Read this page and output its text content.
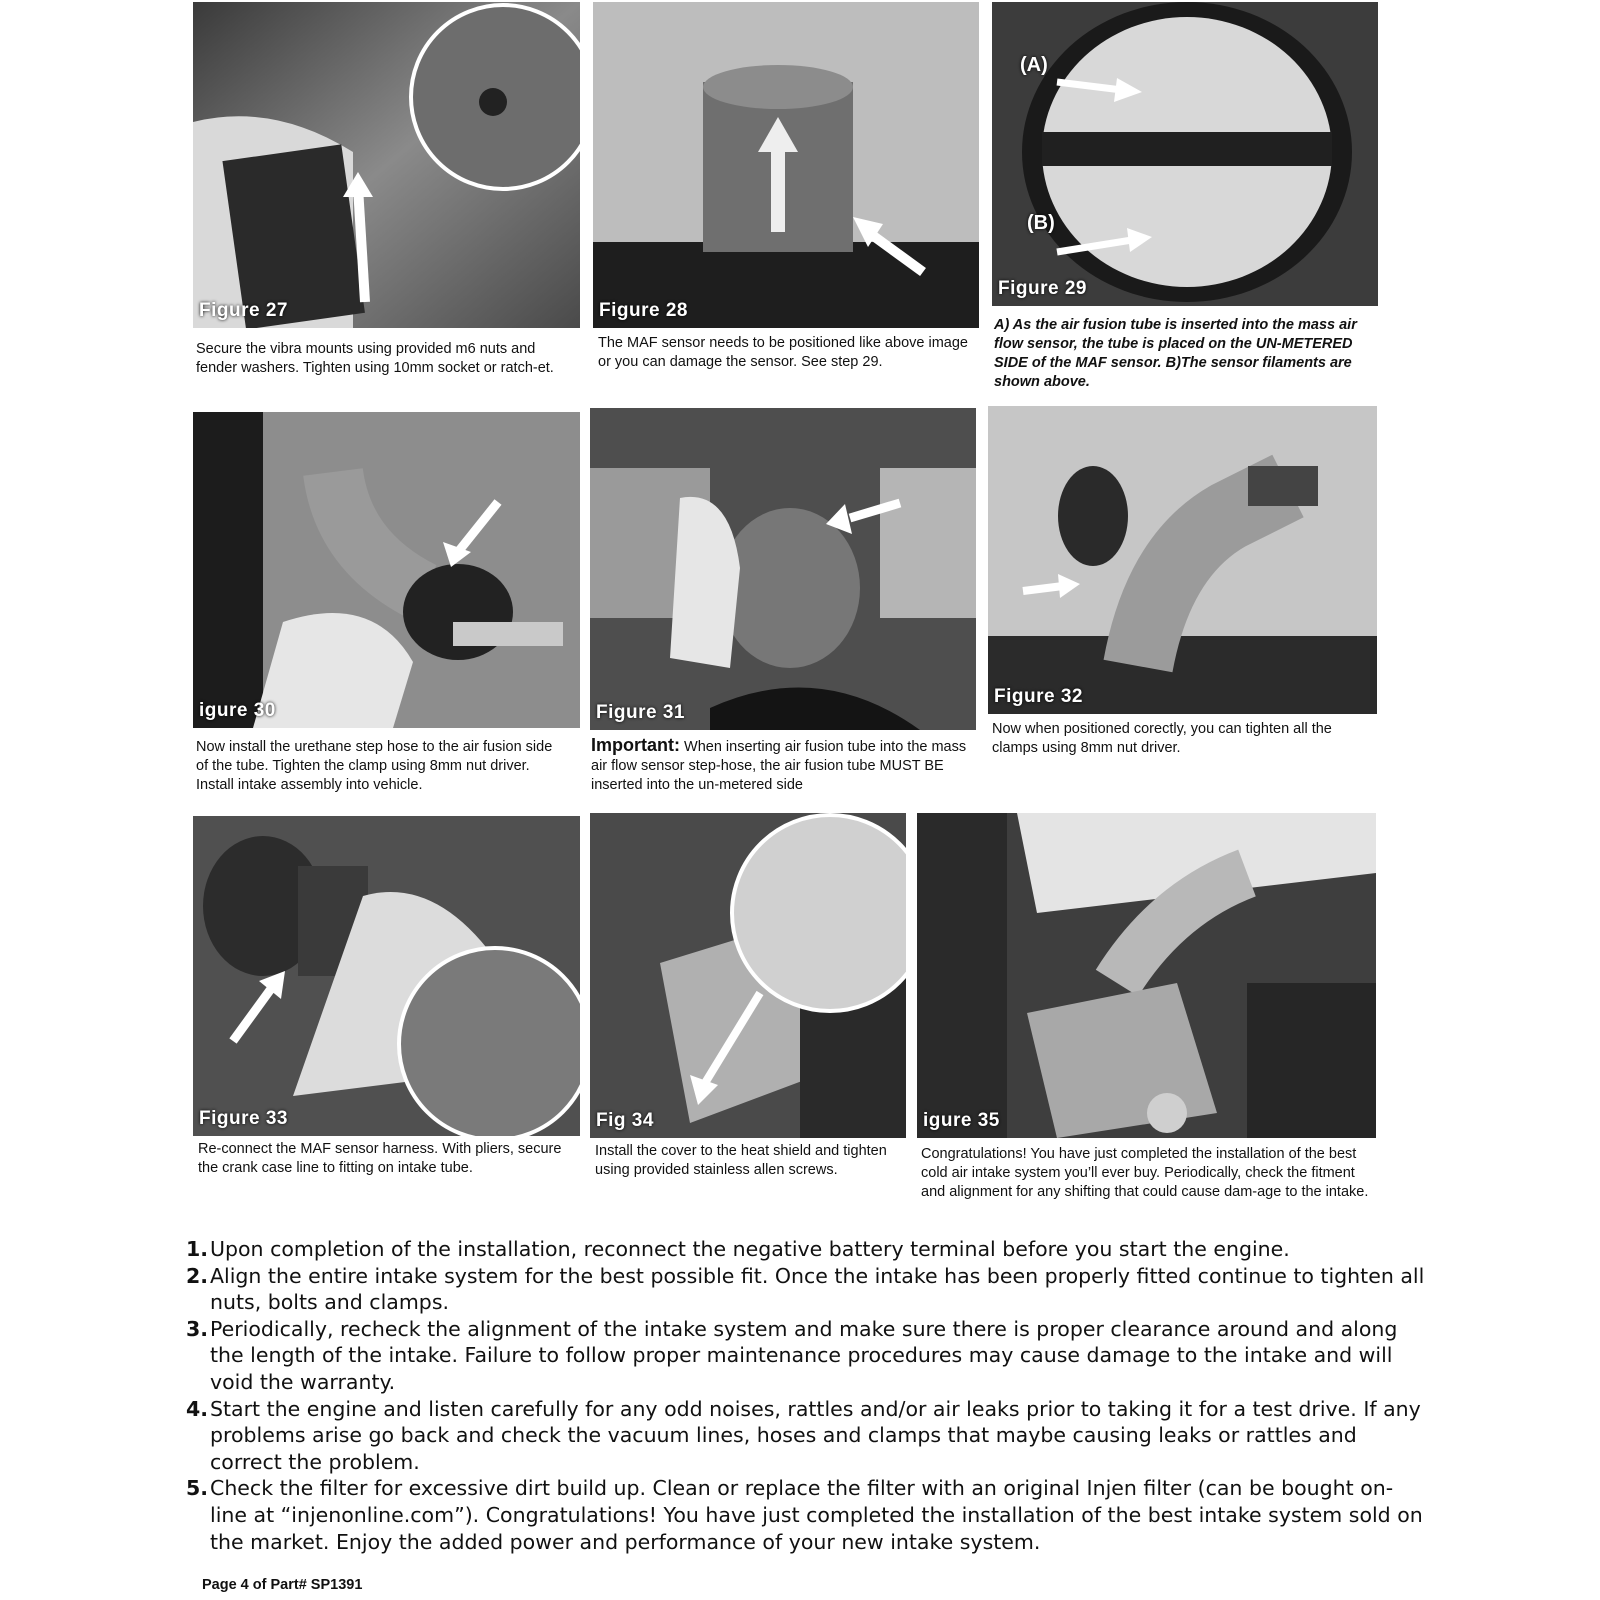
Figure 27
Secure the vibra mounts using provided m6 nuts and fender washers. Tighten using 10mm socket or ratch-et.
Figure 28
The MAF sensor needs to be positioned like above image or you can damage the sensor. See step 29.
(A)
(B)
Figure 29
A) As the air fusion tube is inserted into the mass air flow sensor, the tube is placed on the UN-METERED SIDE of the MAF sensor. B)The sensor filaments are shown above.
igure 30
Now install the urethane step hose to the air fusion side of the tube. Tighten the clamp using 8mm nut driver. Install intake assembly into vehicle.
Figure 31
Important: When inserting air fusion tube into the mass air flow sensor step-hose, the air fusion tube MUST BE inserted into the un-metered side
Figure 32
Now when positioned corectly, you can tighten all the clamps using 8mm nut driver.
Figure 33
Re-connect the MAF sensor harness. With pliers, secure the crank case line to fitting on intake tube.
Fig 34
Install the cover to the heat shield and tighten using provided stainless allen screws.
igure 35
Congratulations! You have just completed the installation of the best cold air intake system you’ll ever buy. Periodically, check the fitment and alignment for any shifting that could cause dam-age to the intake.
1. Upon completion of the installation, reconnect the negative battery terminal before you start the engine.
2. Align the entire intake system for the best possible fit. Once the intake has been properly fitted continue to tighten all nuts, bolts and clamps.
3. Periodically, recheck the alignment of the intake system and make sure there is proper clearance around and along the length of the intake. Failure to follow proper maintenance procedures may cause damage to the intake and will void the warranty.
4. Start the engine and listen carefully for any odd noises, rattles and/or air leaks prior to taking it for a test drive. If any problems arise go back and check the vacuum lines, hoses and clamps that maybe causing leaks or rattles and correct the problem.
5. Check the filter for excessive dirt build up. Clean or replace the filter with an original Injen filter (can be bought on-line at “injenonline.com”). Congratulations! You have just completed the installation of the best intake system sold on the market. Enjoy the added power and performance of your new intake system.
Page 4 of Part# SP1391
